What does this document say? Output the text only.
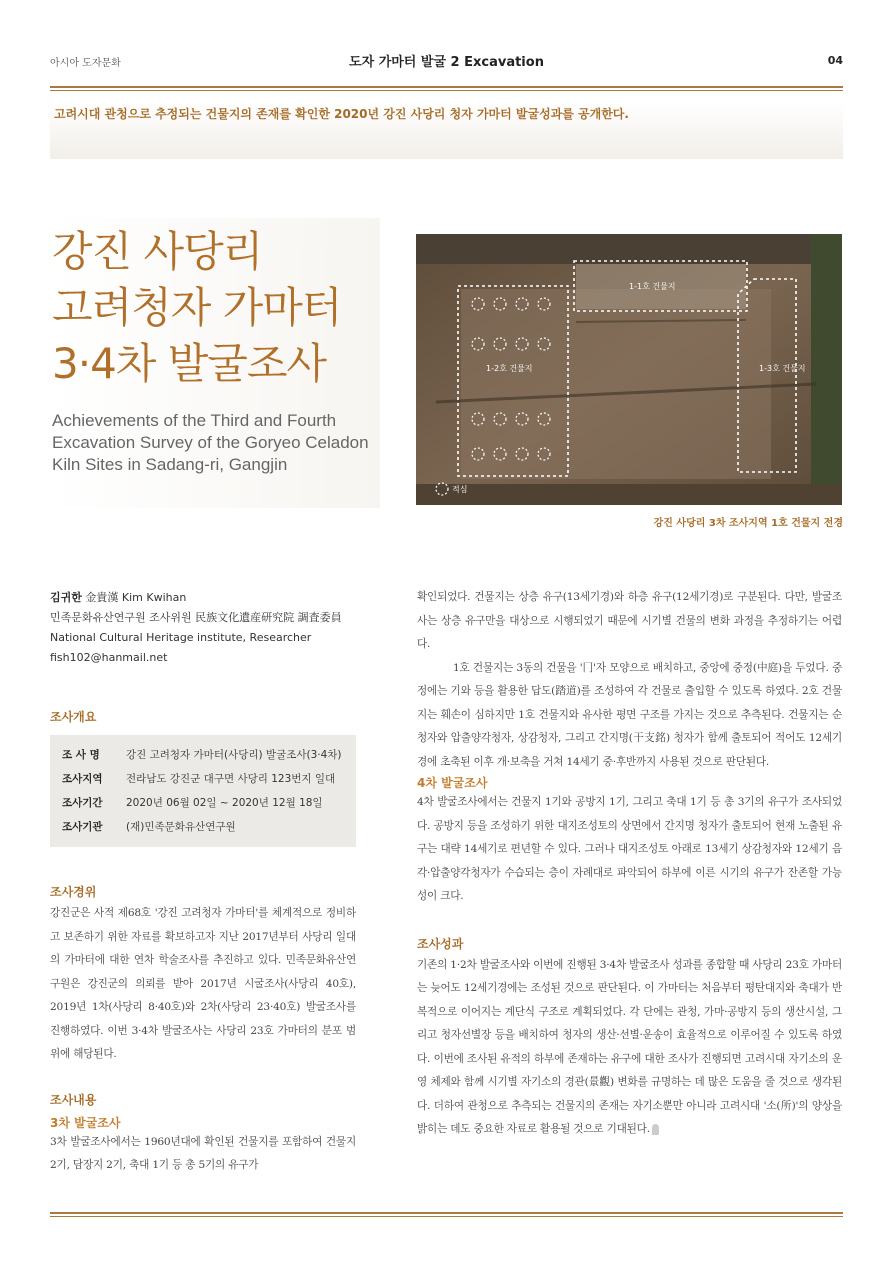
아시아 도자문화	도자 가마터 발굴 2 Excavation	04
고려시대 관청으로 추정되는 건물지의 존재를 확인한 2020년 강진 사당리 청자 가마터 발굴성과를 공개한다.
강진 사당리
고려청자 가마터
3·4차 발굴조사
Achievements of the Third and Fourth
Excavation Survey of the Goryeo Celadon
Kiln Sites in Sadang-ri, Gangjin
1-1호 건물지
1-2호 건물지	1-3호 건물지
적심
강진 사당리 3차 조사지역 1호 건물지 전경
김귀한 金貴漢 Kim Kwihan
민족문화유산연구원 조사위원 民族文化遺産研究院 調査委員
National Cultural Heritage institute, Researcher
fish102@hanmail.net
조사개요
조 사 명	강진 고려청자 가마터(사당리) 발굴조사(3·4차)
조사지역	전라남도 강진군 대구면 사당리 123번지 일대
조사기간	2020년 06월 02일 ~ 2020년 12월 18일
조사기관	(재)민족문화유산연구원
조사경위

강진군은 사적 제68호 '강진 고려청자 가마터'를 체계적으로 정비하고 보존하기 위한 자료를 확보하고자 지난 2017년부터 사당리 일대의 가마터에 대한 연차 학술조사를 추진하고 있다. 민족문화유산연구원은 강진군의 의뢰를 받아 2017년 시굴조사(사당리 40호), 2019년 1차(사당리 8·40호)와 2차(사당리 23·40호) 발굴조사를 진행하였다. 이번 3·4차 발굴조사는 사당리 23호 가마터의 분포 범위에 해당된다.

조사내용
3차 발굴조사

3차 발굴조사에서는 1960년대에 확인된 건물지를 포함하여 건물지 2기, 담장지 2기, 축대 1기 등 총 5기의 유구가

확인되었다. 건물지는 상층 유구(13세기경)와 하층 유구(12세기경)로 구분된다. 다만, 발굴조사는 상층 유구만을 대상으로 시행되었기 때문에 시기별 건물의 변화 과정을 추정하기는 어렵다.

1호 건물지는 3동의 건물을 '冂'자 모양으로 배치하고, 중앙에 중정(中庭)을 두었다. 중정에는 기와 등을 활용한 답도(踏道)를 조성하여 각 건물로 출입할 수 있도록 하였다. 2호 건물지는 훼손이 심하지만 1호 건물지와 유사한 평면 구조를 가지는 것으로 추측된다. 건물지는 순청자와 압출양각청자, 상감청자, 그리고 간지명(干支銘) 청자가 함께 출토되어 적어도 12세기경에 초축된 이후 개·보축을 거쳐 14세기 중·후반까지 사용된 것으로 판단된다.

4차 발굴조사

4차 발굴조사에서는 건물지 1기와 공방지 1기, 그리고 축대 1기 등 총 3기의 유구가 조사되었다. 공방지 등을 조성하기 위한 대지조성토의 상면에서 간지명 청자가 출토되어 현재 노출된 유구는 대략 14세기로 편년할 수 있다. 그러나 대지조성토 아래로 13세기 상감청자와 12세기 음각·압출양각청자가 수습되는 층이 자례대로 파악되어 하부에 이른 시기의 유구가 잔존할 가능성이 크다.

조사성과

기존의 1·2차 발굴조사와 이번에 진행된 3·4차 발굴조사 성과를 종합할 때 사당리 23호 가마터는 늦어도 12세기경에는 조성된 것으로 판단된다. 이 가마터는 처음부터 평탄대지와 축대가 반복적으로 이어지는 계단식 구조로 계획되었다. 각 단에는 관청, 가마·공방지 등의 생산시설, 그리고 청자선별장 등을 배치하여 청자의 생산·선별·운송이 효율적으로 이루어질 수 있도록 하였다. 이번에 조사된 유적의 하부에 존재하는 유구에 대한 조사가 진행되면 고려시대 자기소의 운영 체제와 함께 시기별 자기소의 경관(景觀) 변화를 규명하는 데 많은 도움을 줄 것으로 생각된다. 더하여 관청으로 추측되는 건물지의 존재는 자기소뿐만 아니라 고려시대 '소(所)'의 양상을 밝히는 데도 중요한 자료로 활용될 것으로 기대된다.
